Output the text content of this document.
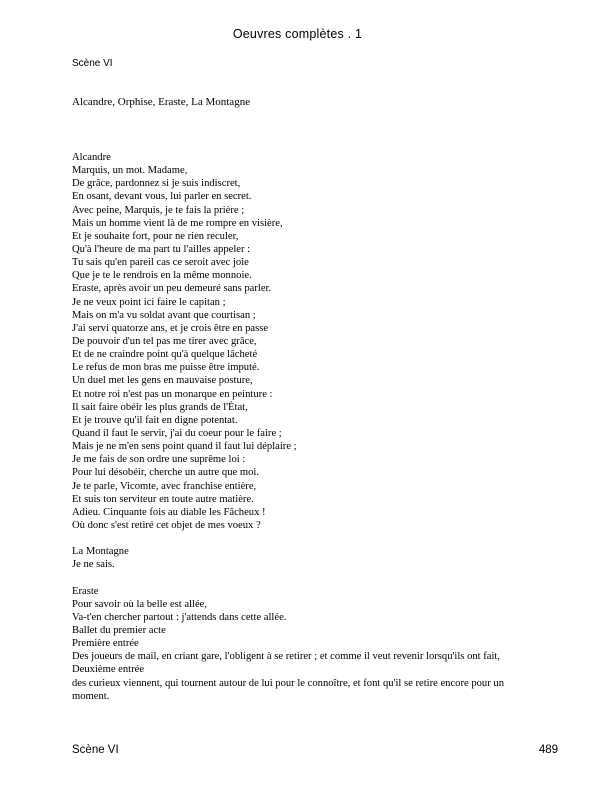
Oeuvres complètes . 1
Scène VI
Alcandre, Orphise, Eraste, La Montagne
Alcandre
Marquis, un mot. Madame,
De grâce, pardonnez si je suis indiscret,
En osant, devant vous, lui parler en secret.
Avec peine, Marquis, je te fais la prière ;
Mais un homme vient là de me rompre en visière,
Et je souhaite fort, pour ne rien reculer,
Qu'à l'heure de ma part tu l'ailles appeler :
Tu sais qu'en pareil cas ce seroit avec joie
Que je te le rendrois en la même monnoie.
Eraste, après avoir un peu demeuré sans parler.
Je ne veux point ici faire le capitan ;
Mais on m'a vu soldat avant que courtisan ;
J'ai servi quatorze ans, et je crois être en passe
De pouvoir d'un tel pas me tirer avec grâce,
Et de ne craindre point qu'à quelque lâcheté
Le refus de mon bras me puisse être imputé.
Un duel met les gens en mauvaise posture,
Et notre roi n'est pas un monarque en peinture :
Il sait faire obéir les plus grands de l'État,
Et je trouve qu'il fait en digne potentat.
Quand il faut le servir, j'ai du coeur pour le faire ;
Mais je ne m'en sens point quand il faut lui déplaire ;
Je me fais de son ordre une suprême loi :
Pour lui désobéir, cherche un autre que moi.
Je te parle, Vicomte, avec franchise entière,
Et suis ton serviteur en toute autre matière.
Adieu. Cinquante fois au diable les Fâcheux !
Où donc s'est retiré cet objet de mes voeux ?
La Montagne
Je ne sais.
Eraste
Pour savoir où la belle est allée,
Va-t'en chercher partout : j'attends dans cette allée.
Ballet du premier acte
Première entrée
Des joueurs de mail, en criant gare, l'obligent à se retirer ; et comme il veut revenir lorsqu'ils ont fait,
Deuxième entrée
des curieux viennent, qui tournent autour de lui pour le connoître, et font qu'il se retire encore pour un moment.
Scène VI	489
